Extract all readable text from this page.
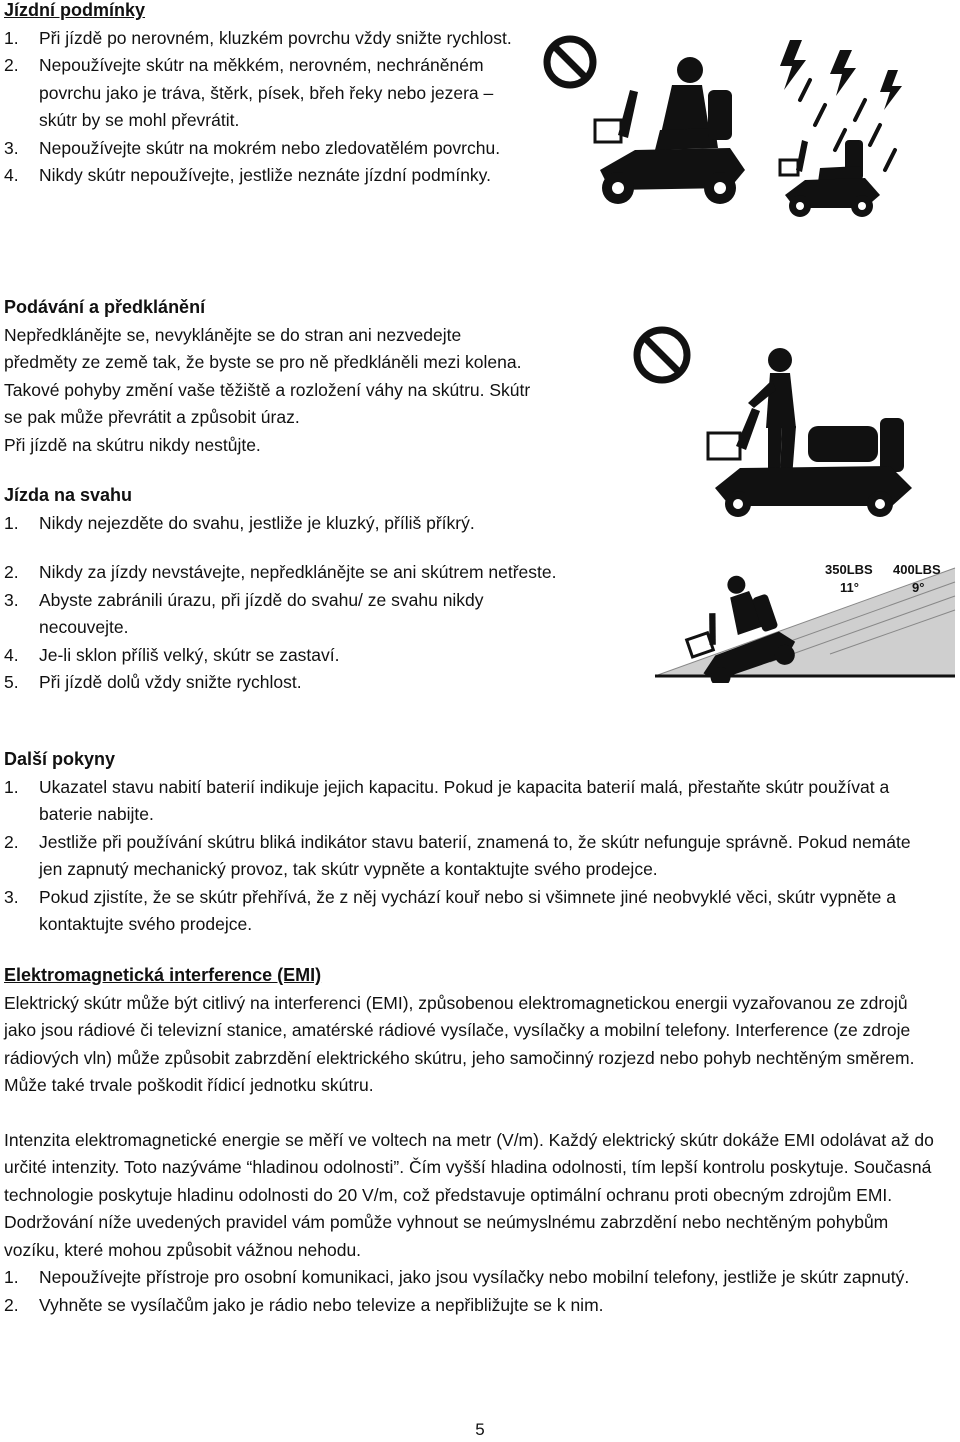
Jízdní podmínky
1.	Při jízdě po nerovném, kluzkém povrchu vždy snižte rychlost.
2.	Nepoužívejte skútr na měkkém, nerovném, nechráněném povrchu jako je tráva, štěrk, písek, břeh řeky nebo jezera – skútr by se mohl převrátit.
3.	Nepoužívejte skútr na mokrém nebo zledovatělém povrchu.
4.	Nikdy skútr nepoužívejte, jestliže neznáte jízdní podmínky.
Podávání a předklánění
Nepředklánějte se, nevyklánějte se do stran ani nezvedejte
předměty ze země tak, že byste se pro ně předkláněli mezi kolena.
Takové pohyby změní vaše těžiště a rozložení váhy na skútru. Skútr
se pak může převrátit a způsobit úraz.
Při jízdě na skútru nikdy nestůjte.
Jízda na svahu
1.	Nikdy nejezděte do svahu, jestliže je kluzký, příliš příkrý.
2.	Nikdy za jízdy nevstávejte, nepředklánějte se ani skútrem netřeste.
3.	Abyste zabránili úrazu, při jízdě do svahu/ ze svahu nikdy necouvejte.
4.	Je-li sklon příliš velký, skútr se zastaví.
5.	Při jízdě dolů vždy snižte rychlost.
350LBS
11°
400LBS
9°
Další pokyny
1.	Ukazatel stavu nabití baterií indikuje jejich kapacitu. Pokud je kapacita baterií malá, přestaňte skútr používat a baterie nabijte.
2.	Jestliže při používání skútru bliká indikátor stavu baterií, znamená to, že skútr nefunguje správně. Pokud nemáte jen zapnutý mechanický provoz, tak skútr vypněte a kontaktujte svého prodejce.
3.	Pokud zjistíte, že se skútr přehřívá, že z něj vychází kouř nebo si všimnete jiné neobvyklé věci, skútr vypněte a kontaktujte svého prodejce.
Elektromagnetická interference (EMI)

Elektrický skútr může být citlivý na interferenci (EMI), způsobenou elektromagnetickou energii vyzařovanou ze zdrojů jako jsou rádiové či televizní stanice, amatérské rádiové vysílače, vysílačky a mobilní telefony. Interference (ze zdroje rádiových vln) může způsobit zabrzdění elektrického skútru, jeho samočinný rozjezd nebo pohyb nechtěným směrem. Může také trvale poškodit řídicí jednotku skútru.

Intenzita elektromagnetické energie se měří ve voltech na metr (V/m). Každý elektrický skútr dokáže EMI odolávat až do určité intenzity. Toto nazýváme “hladinou odolnosti”. Čím vyšší hladina odolnosti, tím lepší kontrolu poskytuje. Současná technologie poskytuje hladinu odolnosti do 20 V/m, což představuje optimální ochranu proti obecným zdrojům EMI.

Dodržování níže uvedených pravidel vám pomůže vyhnout se neúmyslnému zabrzdění nebo nechtěným pohybům vozíku, které mohou způsobit vážnou nehodu.

1.	Nepoužívejte přístroje pro osobní komunikaci, jako jsou vysílačky nebo mobilní telefony, jestliže je skútr zapnutý.
2.	Vyhněte se vysílačům jako je rádio nebo televize a nepřibližujte se k nim.
5
